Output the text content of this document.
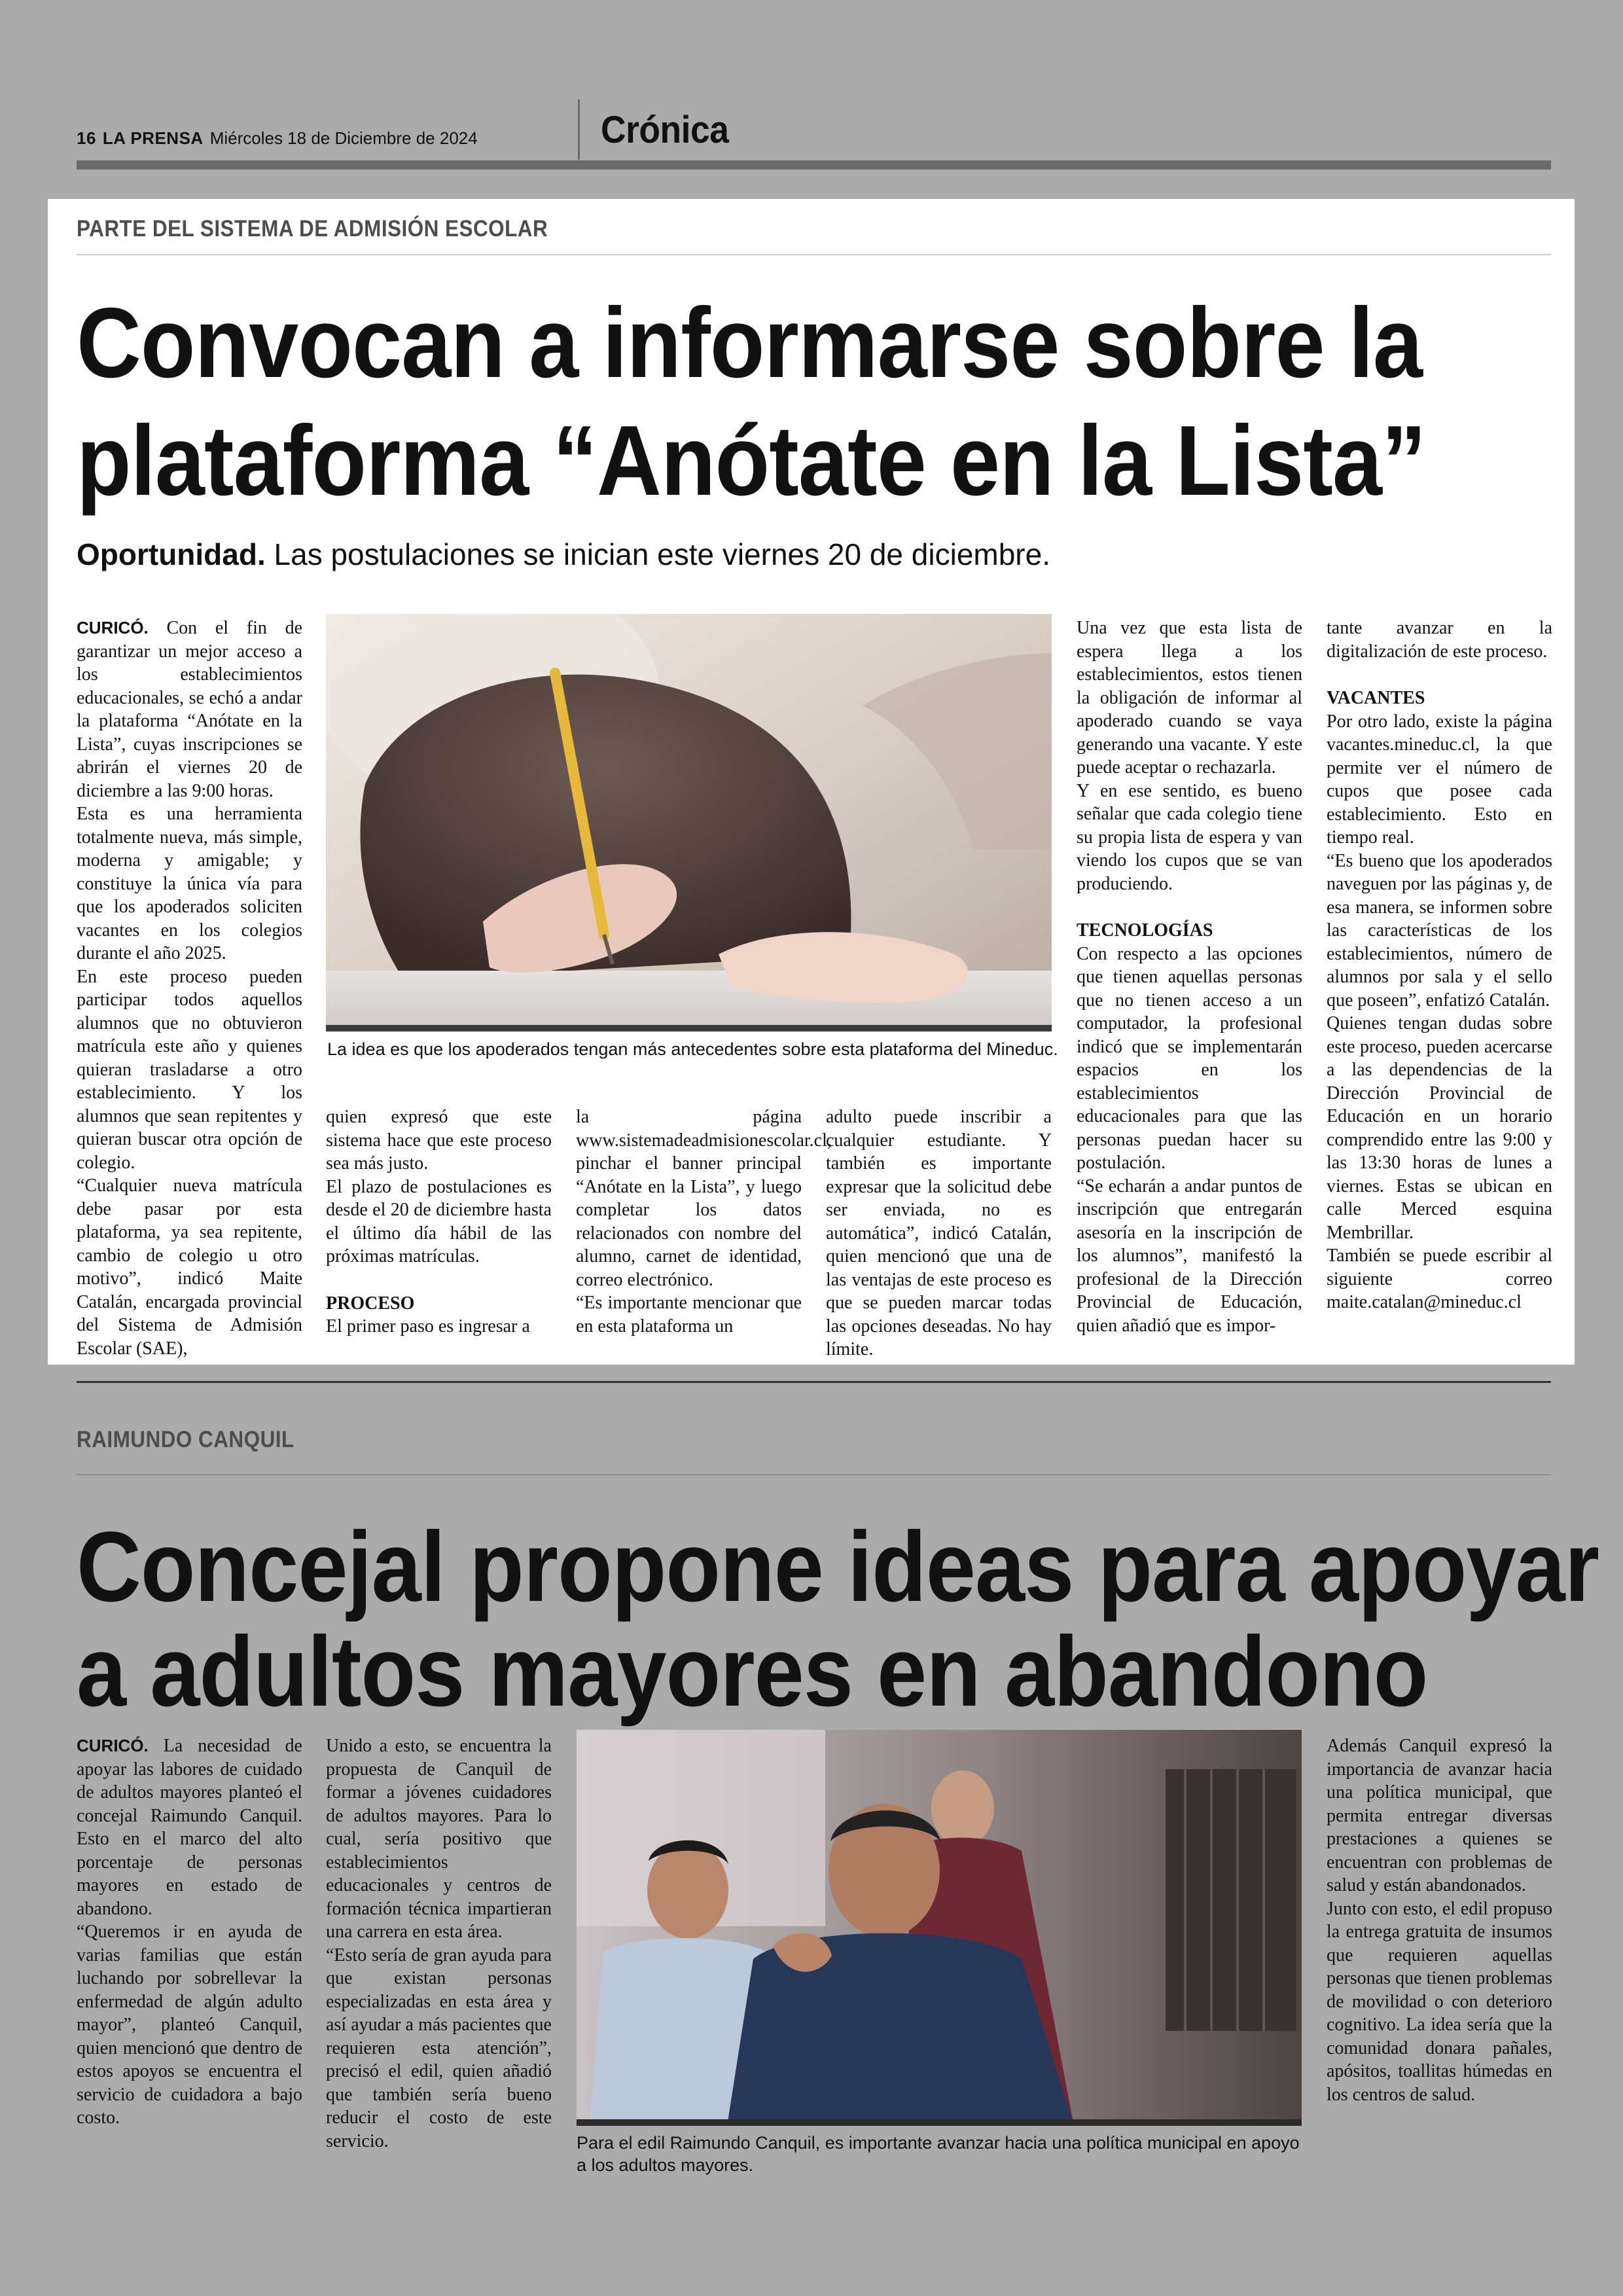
16 LA PRENSA Miércoles 18 de Diciembre de 2024	Crónica
PARTE DEL SISTEMA DE ADMISIÓN ESCOLAR
Convocan a informarse sobre la
plataforma “Anótate en la Lista”
Oportunidad. Las postulaciones se inician este viernes 20 de diciembre.

CURICÓ. Con el fin de garantizar un mejor acceso a los establecimientos educacionales, se echó a andar la plataforma “Anótate en la Lista”, cuyas inscripciones se abrirán el viernes 20 de diciembre a las 9:00 horas.

Esta es una herramienta totalmente nueva, más simple, moderna y amigable; y constituye la única vía para que los apoderados soliciten vacantes en los colegios durante el año 2025.

En este proceso pueden participar todos aquellos alumnos que no obtuvieron matrícula este año y quienes quieran trasladarse a otro establecimiento. Y los alumnos que sean repitentes y quieran buscar otra opción de colegio.

“Cualquier nueva matrícula debe pasar por esta plataforma, ya sea repitente, cambio de colegio u otro motivo”, indicó Maite Catalán, encargada provincial del Sistema de Admisión Escolar (SAE),

La idea es que los apoderados tengan más antecedentes sobre esta plataforma del Mineduc.

quien expresó que este sistema hace que este proceso sea más justo.

El plazo de postulaciones es desde el 20 de diciembre hasta el último día hábil de las próximas matrículas.

PROCESO

El primer paso es ingresar a

la página www.sistemadeadmisionescolar.cl, pinchar el banner principal “Anótate en la Lista”, y luego completar los datos relacionados con nombre del alumno, carnet de identidad, correo electrónico.

“Es importante mencionar que en esta plataforma un

adulto puede inscribir a cualquier estudiante. Y también es importante expresar que la solicitud debe ser enviada, no es automática”, indicó Catalán, quien mencionó que una de las ventajas de este proceso es que se pueden marcar todas las opciones deseadas. No hay límite.

Una vez que esta lista de espera llega a los establecimientos, estos tienen la obligación de informar al apoderado cuando se vaya generando una vacante. Y este puede aceptar o rechazarla.

Y en ese sentido, es bueno señalar que cada colegio tiene su propia lista de espera y van viendo los cupos que se van produciendo.

TECNOLOGÍAS

Con respecto a las opciones que tienen aquellas personas que no tienen acceso a un computador, la profesional indicó que se implementarán espacios en los establecimientos educacionales para que las personas puedan hacer su postulación.

“Se echarán a andar puntos de inscripción que entregarán asesoría en la inscripción de los alumnos”, manifestó la profesional de la Dirección Provincial de Educación, quien añadió que es impor-

tante avanzar en la digitalización de este proceso.

VACANTES

Por otro lado, existe la página vacantes.mineduc.cl, la que permite ver el número de cupos que posee cada establecimiento. Esto en tiempo real.

“Es bueno que los apoderados naveguen por las páginas y, de esa manera, se informen sobre las características de los establecimientos, número de alumnos por sala y el sello que poseen”, enfatizó Catalán.

Quienes tengan dudas sobre este proceso, pueden acercarse a las dependencias de la Dirección Provincial de Educación en un horario comprendido entre las 9:00 y las 13:30 horas de lunes a viernes. Estas se ubican en calle Merced esquina Membrillar.

También se puede escribir al siguiente correo maite.catalan@mineduc.cl

RAIMUNDO CANQUIL
Concejal propone ideas para apoyar
a adultos mayores en abandono

CURICÓ. La necesidad de apoyar las labores de cuidado de adultos mayores planteó el concejal Raimundo Canquil. Esto en el marco del alto porcentaje de personas mayores en estado de abandono.

“Queremos ir en ayuda de varias familias que están luchando por sobrellevar la enfermedad de algún adulto mayor”, planteó Canquil, quien mencionó que dentro de estos apoyos se encuentra el servicio de cuidadora a bajo costo.

Unido a esto, se encuentra la propuesta de Canquil de formar a jóvenes cuidadores de adultos mayores. Para lo cual, sería positivo que establecimientos educacionales y centros de formación técnica impartieran una carrera en esta área.

“Esto sería de gran ayuda para que existan personas especializadas en esta área y así ayudar a más pacientes que requieren esta atención”, precisó el edil, quien añadió que también sería bueno reducir el costo de este servicio.	Para el edil Raimundo Canquil, es importante avanzar hacia una política municipal en apoyo a los adultos mayores.

Además Canquil expresó la importancia de avanzar hacia una política municipal, que permita entregar diversas prestaciones a quienes se encuentran con problemas de salud y están abandonados.

Junto con esto, el edil propuso la entrega gratuita de insumos que requieren aquellas personas que tienen problemas de movilidad o con deterioro cognitivo. La idea sería que la comunidad donara pañales, apósitos, toallitas húmedas en los centros de salud.
